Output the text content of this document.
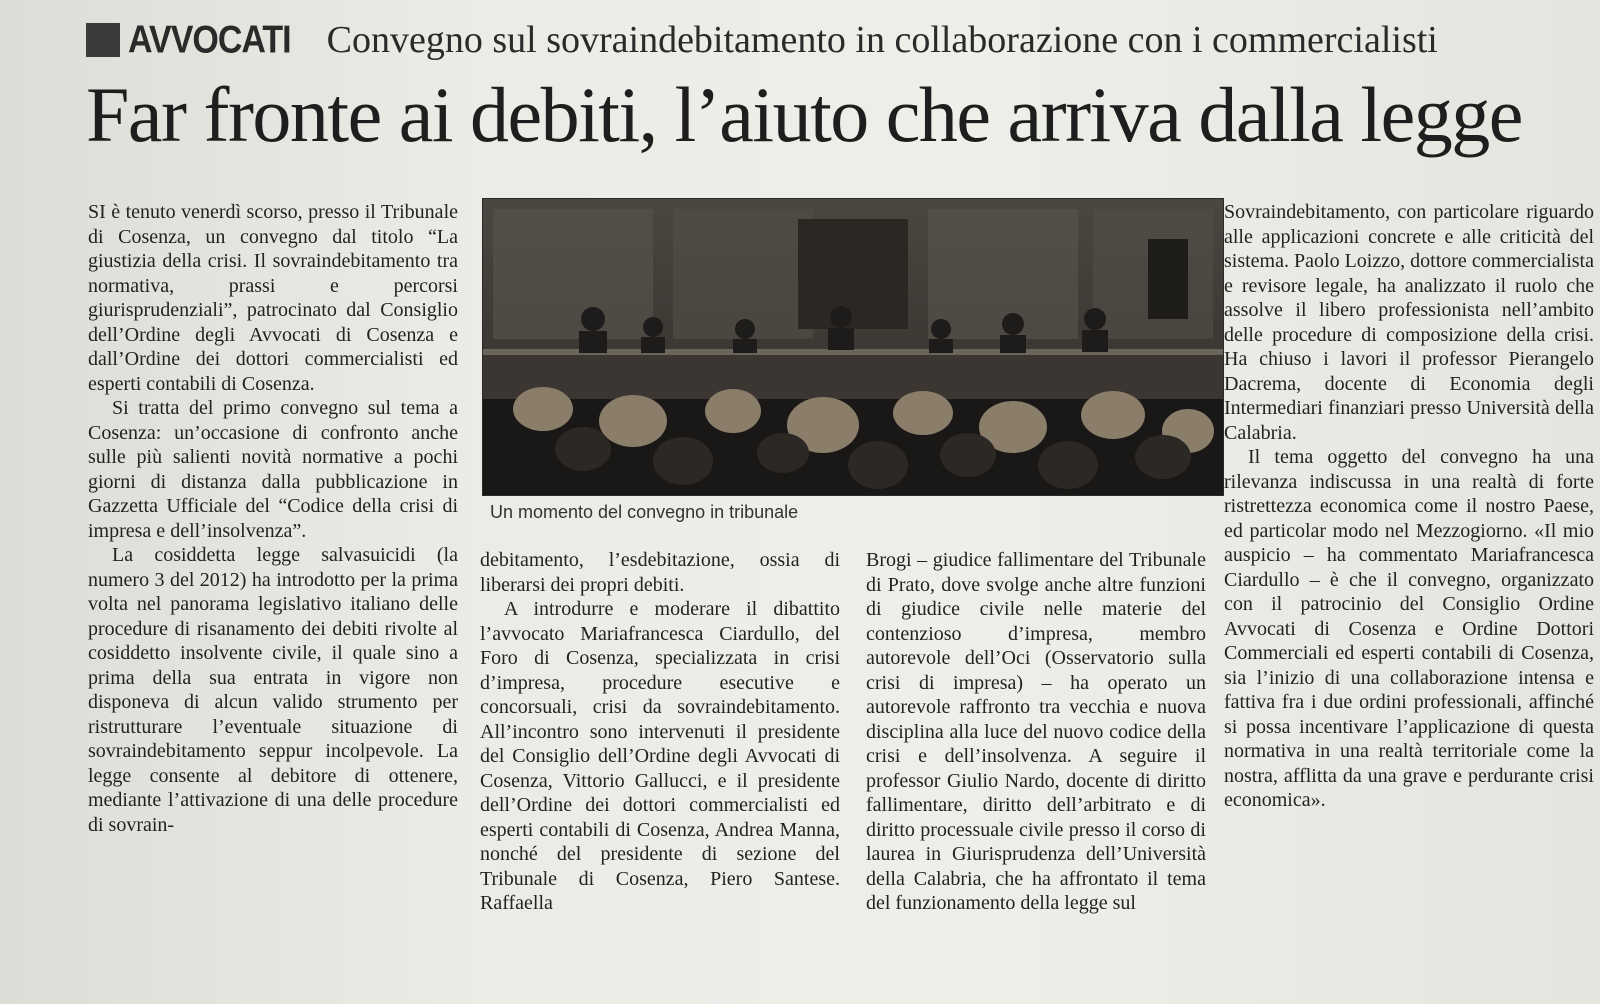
AVVOCATI Convegno sul sovraindebitamento in collaborazione con i commercialisti
Far fronte ai debiti, l’aiuto che arriva dalla legge

SI è tenuto venerdì scorso, presso il Tribunale di Cosenza, un convegno dal titolo “La giustizia della crisi. Il sovraindebitamento tra normativa, prassi e percorsi giurisprudenziali”, patrocinato dal Consiglio dell’Ordine degli Avvocati di Cosenza e dall’Ordine dei dottori commercialisti ed esperti contabili di Cosenza.

Si tratta del primo convegno sul tema a Cosenza: un’occasione di confronto anche sulle più salienti novità normative a pochi giorni di distanza dalla pubblicazione in Gazzetta Ufficiale del “Codice della crisi di impresa e dell’insolvenza”.

La cosiddetta legge salvasuicidi (la numero 3 del 2012) ha introdotto per la prima volta nel panorama legislativo italiano delle procedure di risanamento dei debiti rivolte al cosiddetto insolvente civile, il quale sino a prima della sua entrata in vigore non disponeva di alcun valido strumento per ristrutturare l’eventuale situazione di sovraindebitamento seppur incolpevole. La legge consente al debitore di ottenere, mediante l’attivazione di una delle procedure di sovrain-

Un momento del convegno in tribunale

debitamento, l’esdebitazione, ossia di liberarsi dei propri debiti.

A introdurre e moderare il dibattito l’avvocato Mariafrancesca Ciardullo, del Foro di Cosenza, specializzata in crisi d’impresa, procedure esecutive e concorsuali, crisi da sovraindebitamento. All’incontro sono intervenuti il presidente del Consiglio dell’Ordine degli Avvocati di Cosenza, Vittorio Gallucci, e il presidente dell’Ordine dei dottori commercialisti ed esperti contabili di Cosenza, Andrea Manna, nonché del presidente di sezione del Tribunale di Cosenza, Piero Santese. Raffaella

Brogi – giudice fallimentare del Tribunale di Prato, dove svolge anche altre funzioni di giudice civile nelle materie del contenzioso d’impresa, membro autorevole dell’Oci (Osservatorio sulla crisi di impresa) – ha operato un autorevole raffronto tra vecchia e nuova disciplina alla luce del nuovo codice della crisi e dell’insolvenza. A seguire il professor Giulio Nardo, docente di diritto fallimentare, diritto dell’arbitrato e di diritto processuale civile presso il corso di laurea in Giurisprudenza dell’Università della Calabria, che ha affrontato il tema del funzionamento della legge sul

Sovraindebitamento, con particolare riguardo alle applicazioni concrete e alle criticità del sistema. Paolo Loizzo, dottore commercialista e revisore legale, ha analizzato il ruolo che assolve il libero professionista nell’ambito delle procedure di composizione della crisi. Ha chiuso i lavori il professor Pierangelo Dacrema, docente di Economia degli Intermediari finanziari presso Università della Calabria.

Il tema oggetto del convegno ha una rilevanza indiscussa in una realtà di forte ristrettezza economica come il nostro Paese, ed particolar modo nel Mezzogiorno. «Il mio auspicio – ha commentato Mariafrancesca Ciardullo – è che il convegno, organizzato con il patrocinio del Consiglio Ordine Avvocati di Cosenza e Ordine Dottori Commerciali ed esperti contabili di Cosenza, sia l’inizio di una collaborazione intensa e fattiva fra i due ordini professionali, affinché si possa incentivare l’applicazione di questa normativa in una realtà territoriale come la nostra, afflitta da una grave e perdurante crisi economica».
